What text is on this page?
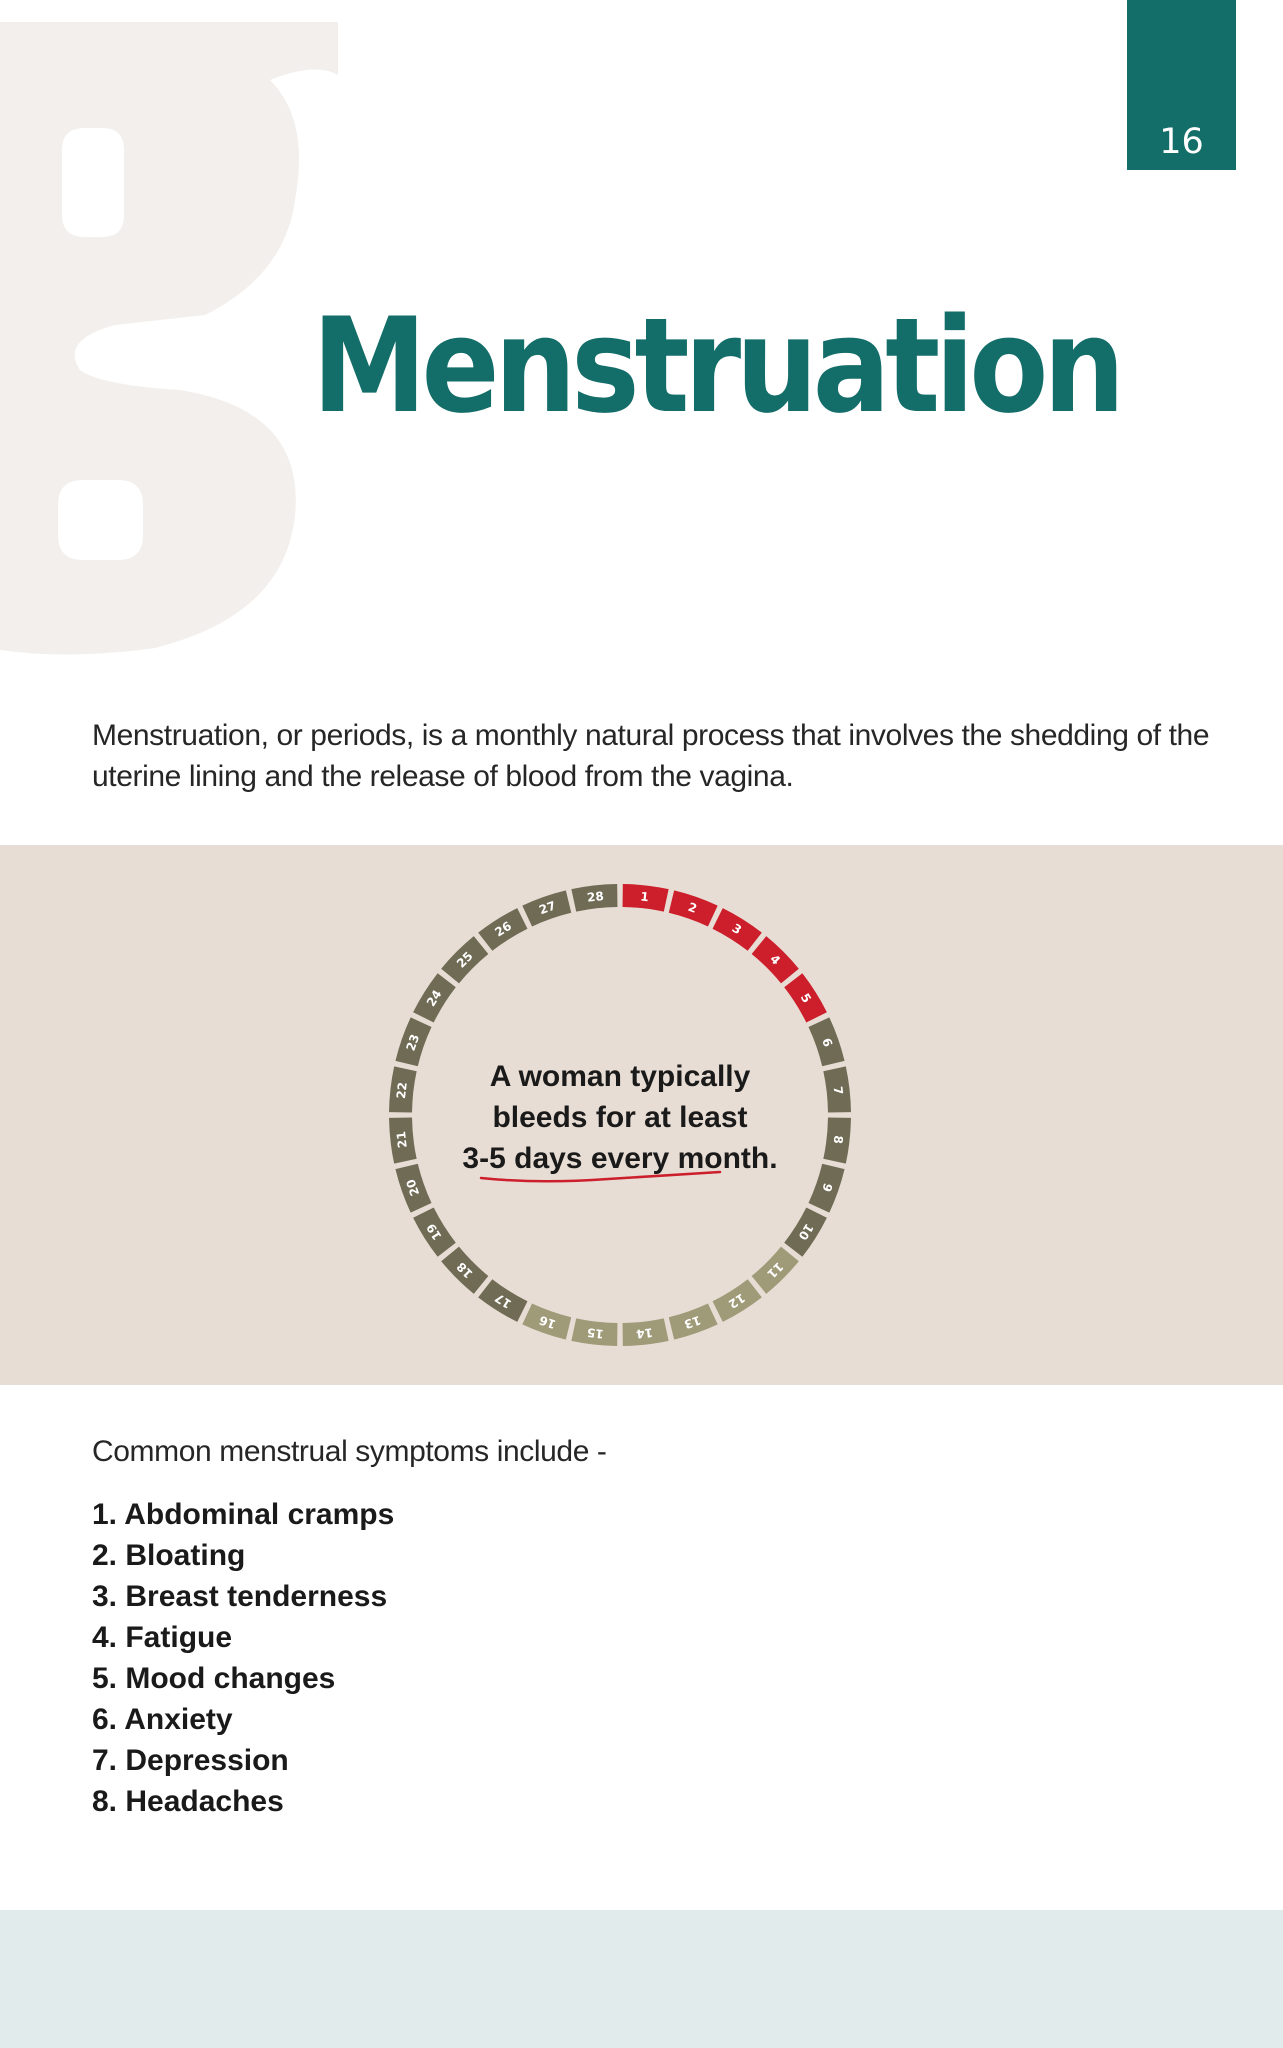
16
Menstruation

Menstruation, or periods, is a monthly natural process that involves the shedding of the uterine lining and the release of blood from the vagina.

1
2
3
4
5
6
7
8
9
10
11
12
13
14
15
16
17
18
19
20
21
22
23
24
25
26
27
28
A woman typically
bleeds for at least
3-5 days every month.

Common menstrual symptoms include -

1. Abdominal cramps
2. Bloating
3. Breast tenderness
4. Fatigue
5. Mood changes
6. Anxiety
7. Depression
8. Headaches
